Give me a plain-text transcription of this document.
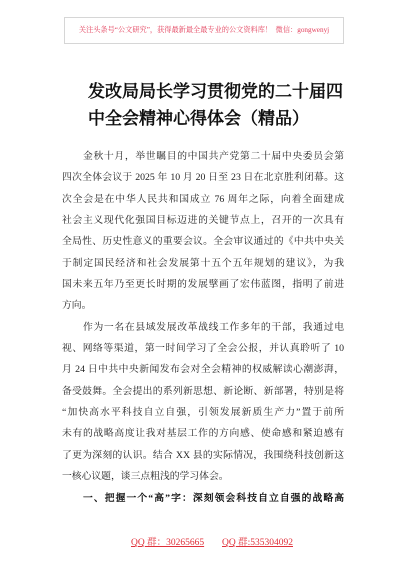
关注头条号“公文研究”，获得最新最全最专业的公文资料库！  微信：gongwenyj
发改局局长学习贯彻党的二十届四
中全会精神心得体会（精品）
金秋十月，举世瞩目的中国共产党第二十届中央委员会第
四次全体会议于 2025 年 10 月 20 日至 23 日在北京胜利闭幕。这
次全会是在中华人民共和国成立 76 周年之际，向着全面建成
社会主义现代化强国目标迈进的关键节点上，召开的一次具有
全局性、历史性意义的重要会议。全会审议通过的《中共中央关
于制定国民经济和社会发展第十五个五年规划的建议》，为我
国未来五年乃至更长时期的发展擘画了宏伟蓝图，指明了前进
方向。
作为一名在县域发展改革战线工作多年的干部，我通过电
视、网络等渠道，第一时间学习了全会公报，并认真聆听了 10
月 24 日中共中央新闻发布会对全会精神的权威解读心潮澎湃，
备受鼓舞。全会提出的系列新思想、新论断、新部署，特别是将
“加快高水平科技自立自强，引领发展新质生产力”置于前所
未有的战略高度让我对基层工作的方向感、使命感和紧迫感有
了更为深刻的认识。结合 XX 县的实际情况，我围绕科技创新这
一核心议题，谈三点粗浅的学习体会。
一、把握一个“高”字：深刻领会科技自立自强的战略高
QQ 群：30265665 QQ 群:535304092
